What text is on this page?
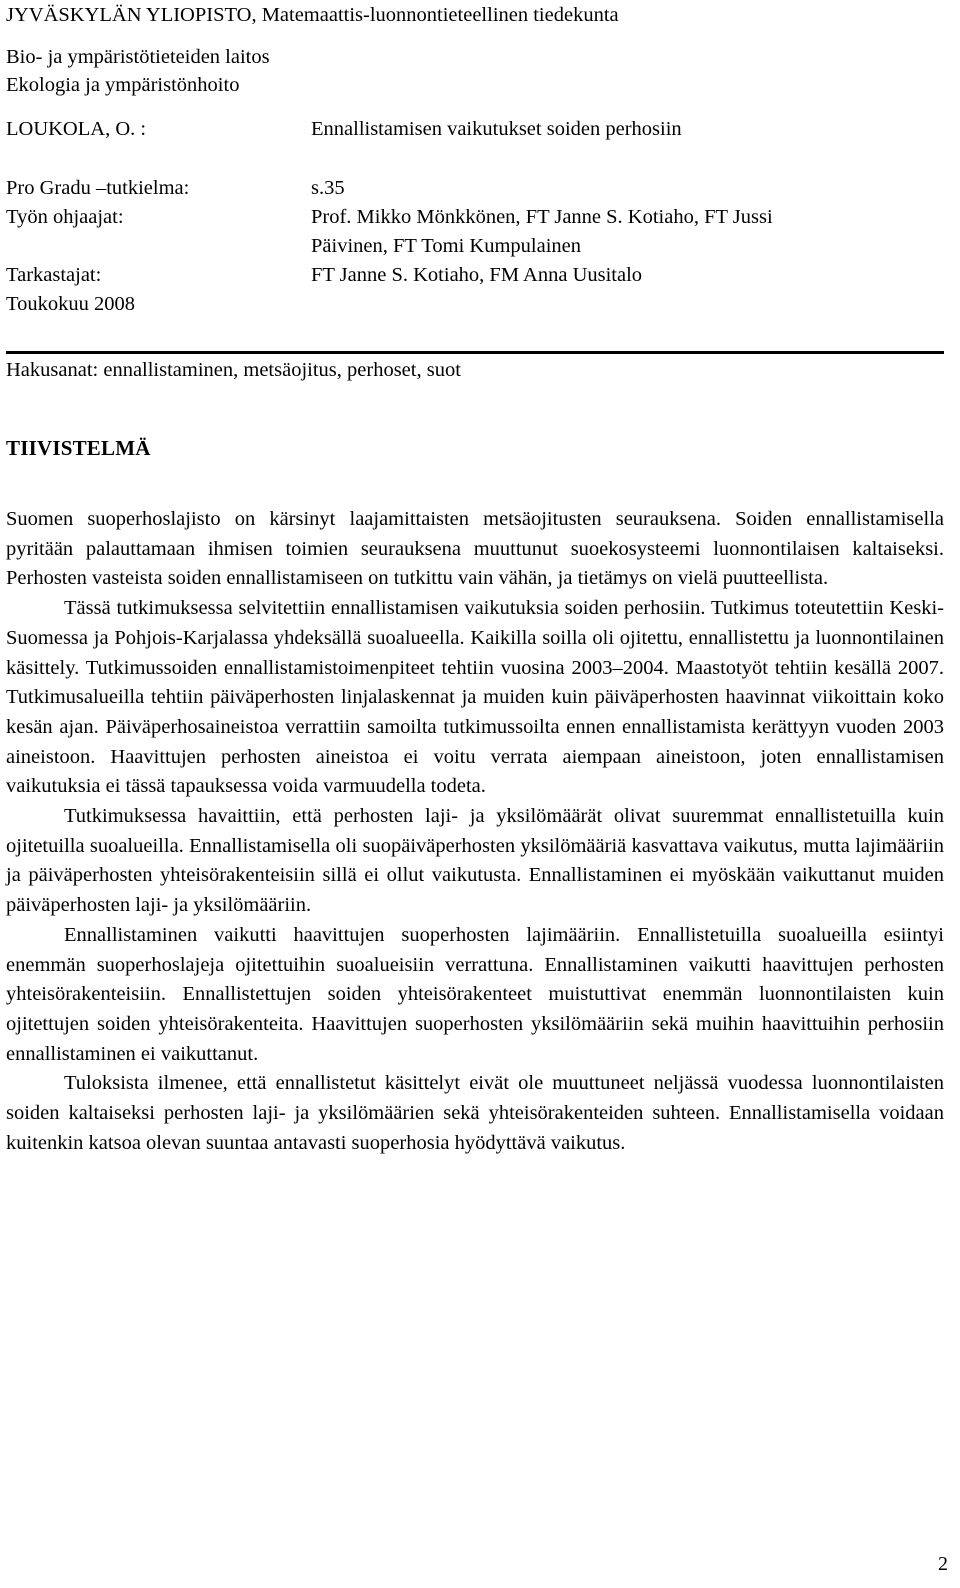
JYVÄSKYLÄN YLIOPISTO, Matemaattis-luonnontieteellinen tiedekunta
Bio- ja ympäristötieteiden laitos
Ekologia ja ympäristönhoito
LOUKOLA, O. :	Ennallistamisen vaikutukset soiden perhosiin
Pro Gradu –tutkielma:	s.35
Työn ohjaajat:	Prof. Mikko Mönkkönen, FT Janne S. Kotiaho, FT Jussi
Päivinen, FT Tomi Kumpulainen
Tarkastajat:	FT Janne S. Kotiaho, FM Anna Uusitalo
Toukokuu 2008
Hakusanat: ennallistaminen, metsäojitus, perhoset, suot
TIIVISTELMÄ

Suomen suoperhoslajisto on kärsinyt laajamittaisten metsäojitusten seurauksena. Soiden ennallistamisella pyritään palauttamaan ihmisen toimien seurauksena muuttunut suoekosysteemi luonnontilaisen kaltaiseksi. Perhosten vasteista soiden ennallistamiseen on tutkittu vain vähän, ja tietämys on vielä puutteellista.

Tässä tutkimuksessa selvitettiin ennallistamisen vaikutuksia soiden perhosiin. Tutkimus toteutettiin Keski-Suomessa ja Pohjois-Karjalassa yhdeksällä suoalueella. Kaikilla soilla oli ojitettu, ennallistettu ja luonnontilainen käsittely. Tutkimussoiden ennallistamistoimenpiteet tehtiin vuosina 2003–2004. Maastotyöt tehtiin kesällä 2007. Tutkimusalueilla tehtiin päiväperhosten linjalaskennat ja muiden kuin päiväperhosten haavinnat viikoittain koko kesän ajan. Päiväperhosaineistoa verrattiin samoilta tutkimussoilta ennen ennallistamista kerättyyn vuoden 2003 aineistoon. Haavittujen perhosten aineistoa ei voitu verrata aiempaan aineistoon, joten ennallistamisen vaikutuksia ei tässä tapauksessa voida varmuudella todeta.

Tutkimuksessa havaittiin, että perhosten laji- ja yksilömäärät olivat suuremmat ennallistetuilla kuin ojitetuilla suoalueilla. Ennallistamisella oli suopäiväperhosten yksilömääriä kasvattava vaikutus, mutta lajimääriin ja päiväperhosten yhteisörakenteisiin sillä ei ollut vaikutusta. Ennallistaminen ei myöskään vaikuttanut muiden päiväperhosten laji- ja yksilömääriin.

Ennallistaminen vaikutti haavittujen suoperhosten lajimääriin. Ennallistetuilla suoalueilla esiintyi enemmän suoperhoslajeja ojitettuihin suoalueisiin verrattuna. Ennallistaminen vaikutti haavittujen perhosten yhteisörakenteisiin. Ennallistettujen soiden yhteisörakenteet muistuttivat enemmän luonnontilaisten kuin ojitettujen soiden yhteisörakenteita. Haavittujen suoperhosten yksilömääriin sekä muihin haavittuihin perhosiin ennallistaminen ei vaikuttanut.

Tuloksista ilmenee, että ennallistetut käsittelyt eivät ole muuttuneet neljässä vuodessa luonnontilaisten soiden kaltaiseksi perhosten laji- ja yksilömäärien sekä yhteisörakenteiden suhteen. Ennallistamisella voidaan kuitenkin katsoa olevan suuntaa antavasti suoperhosia hyödyttävä vaikutus.

2
